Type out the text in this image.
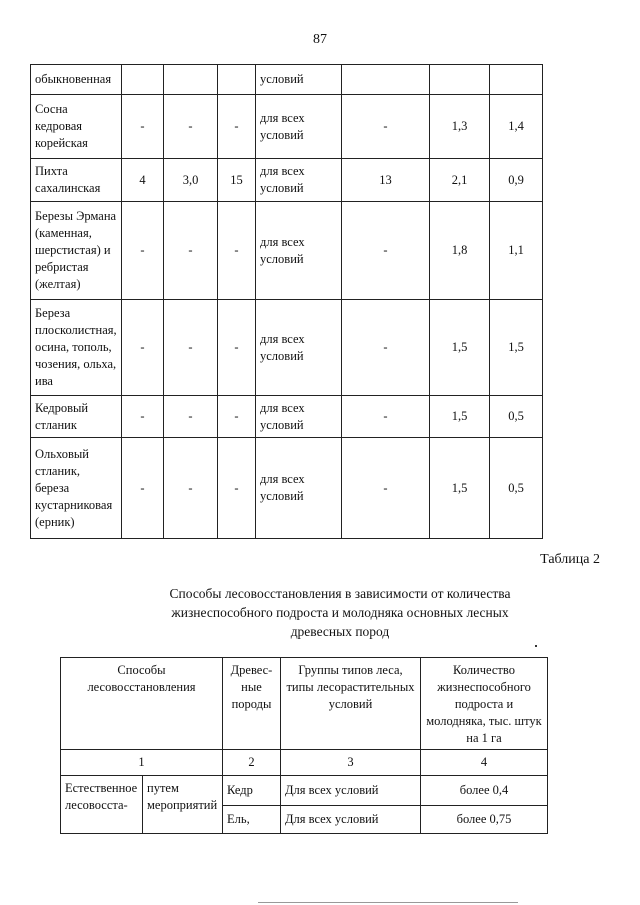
87
обыкновенная				условий			
Сосна кедровая корейская	-	-	-	для всех условий	-	1,3	1,4
Пихта сахалинская	4	3,0	15	для всех условий	13	2,1	0,9
Березы Эрмана (каменная, шерстистая) и ребристая (желтая)	-	-	-	для всех условий	-	1,8	1,1
Береза плосколистная, осина, тополь, чозения, ольха, ива	-	-	-	для всех условий	-	1,5	1,5
Кедровый стланик	-	-	-	для всех условий	-	1,5	0,5
Ольховый стланик, береза кустарниковая (ерник)	-	-	-	для всех условий	-	1,5	0,5
Таблица 2
Способы лесовосстановления в зависимости от количества жизнеспособного подроста и молодняка основных лесных древесных пород
Способы лесовосстановления		Древес-ные породы	Группы типов леса, типы лесорастительных условий	Количество жизнеспособного подроста и молодняка, тыс. штук на 1 га
1		2	3	4
Естественное лесовосста-	путем мероприятий	Кедр	Для всех условий	более 0,4
		Ель,	Для всех условий	более 0,75
